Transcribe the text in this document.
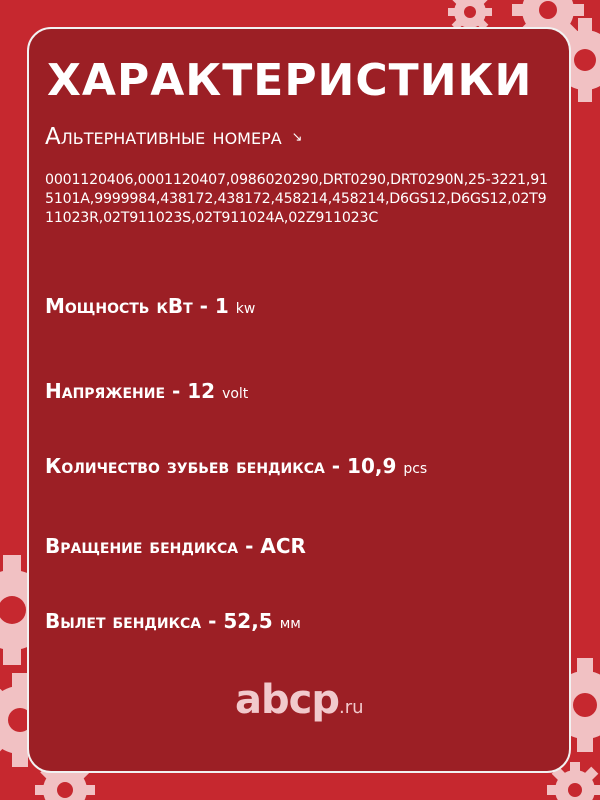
ХАРАКТЕРИСТИКИ
Альтернативные номера ↘
0001120406,0001120407,0986020290,DRT0290,DRT0290N,25-3221,915101A,9999984,438172,438172,458214,458214,D6GS12,D6GS12,02T911023R,02T911023S,02T911024A,02Z911023C
Мощность кВт - 1 kw
Напряжение - 12 volt
Количество зубьев бендикса - 10,9 pcs
Вращение бендикса - ACR
Вылет бендикса - 52,5 мм
abcp.ru
